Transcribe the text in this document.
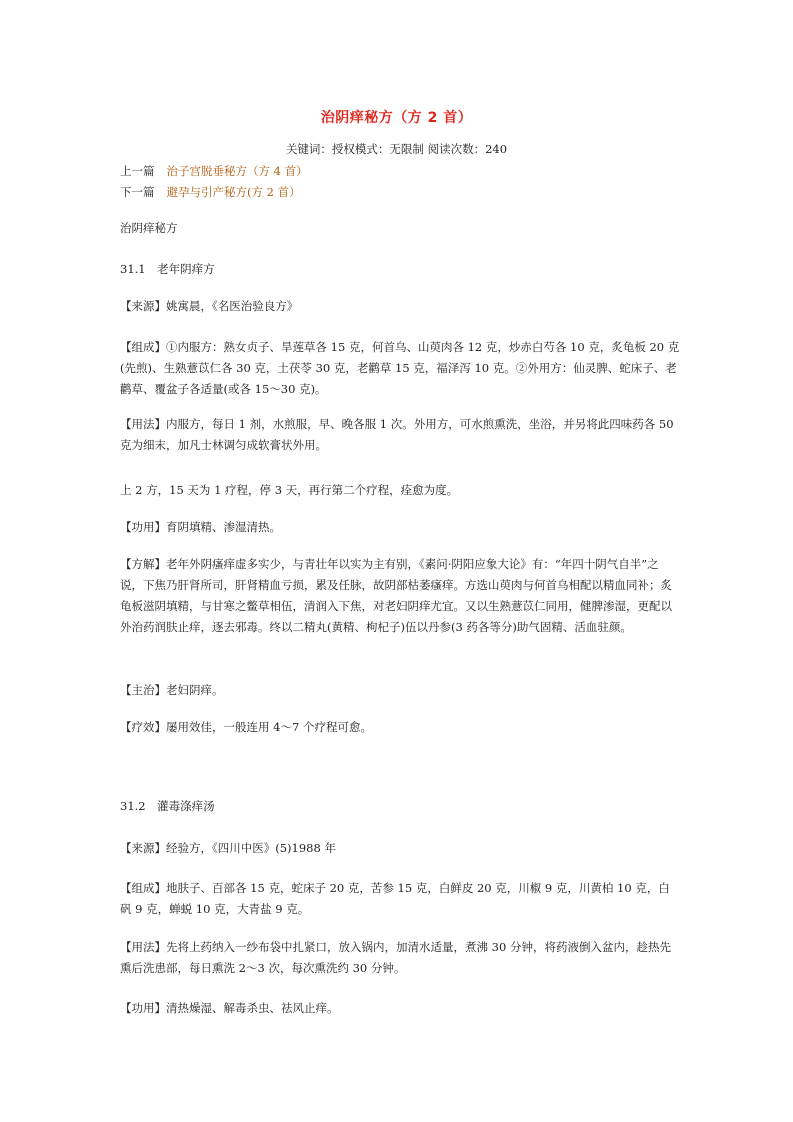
治阴痒秘方（方 2 首）
关键词：授权模式：无限制 阅读次数：240
上一篇 治子宫脱垂秘方（方 4 首）
下一篇 避孕与引产秘方(方 2 首）
治阴痒秘方
31.1　老年阴痒方
【来源】姚寓晨，《名医治验良方》
【组成】①内服方：熟女贞子、旱莲草各 15 克，何首乌、山萸肉各 12 克，炒赤白芍各 10 克，炙龟板 20 克(先煎)、生熟薏苡仁各 30 克，土茯苓 30 克，老鹳草 15 克，福泽泻 10 克。②外用方：仙灵脾、蛇床子、老鹳草、覆盆子各适量(或各 15～30 克)。
【用法】内服方，每日 1 剂，水煎服，早、晚各服 1 次。外用方，可水煎熏洗，坐浴，并另将此四味药各 50 克为细末，加凡士林调匀成软膏状外用。
上 2 方，15 天为 1 疗程，停 3 天，再行第二个疗程，痊愈为度。
【功用】育阴填精、渗湿清热。
【方解】老年外阴瘙痒虚多实少，与青壮年以实为主有别，《素问·阴阳应象大论》有：“年四十阴气自半”之说，下焦乃肝肾所司，肝肾精血亏损，累及任脉，故阴部枯萎瘙痒。方选山萸肉与何首乌相配以精血同补；炙龟板滋阴填精，与甘寒之鳖草相伍，清润入下焦，对老妇阴痒尤宜。又以生熟薏苡仁同用，健脾渗湿，更配以外治药润肤止痒，逐去邪毒。终以二精丸(黄精、枸杞子)伍以丹参(3 药各等分)助气固精、活血驻颜。
【主治】老妇阴痒。
【疗效】屡用效佳，一般连用 4～7 个疗程可愈。
31.2　灌毒涤痒汤
【来源】经验方，《四川中医》(5)1988 年
【组成】地肤子、百部各 15 克，蛇床子 20 克，苦参 15 克，白鲜皮 20 克，川椒 9 克，川黄柏 10 克，白矾 9 克，蝉蜕 10 克，大青盐 9 克。
【用法】先将上药纳入一纱布袋中扎紧口，放入锅内，加清水适量，煮沸 30 分钟，将药液倒入盆内，趁热先熏后洗患部，每日熏洗 2～3 次，每次熏洗约 30 分钟。
【功用】清热燥湿、解毒杀虫、祛风止痒。
